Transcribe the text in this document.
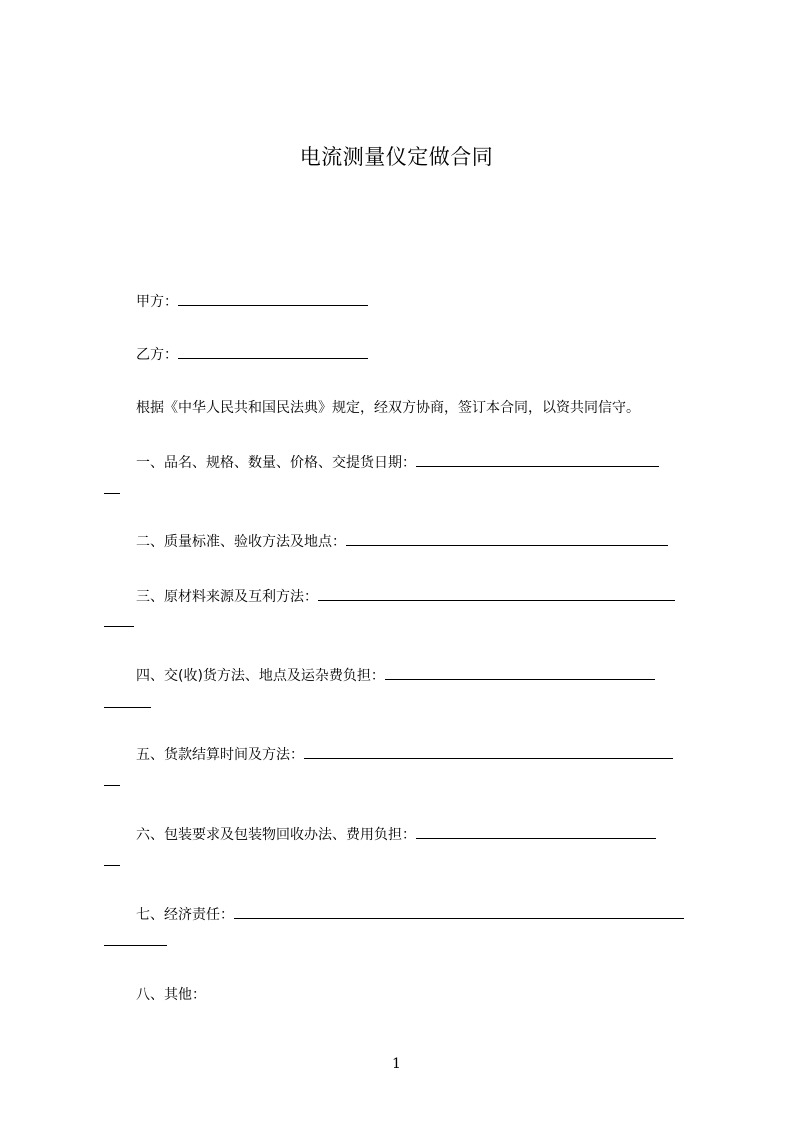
电流测量仪定做合同
甲方：
乙方：
根据《中华人民共和国民法典》规定，经双方协商，签订本合同，以资共同信守。
一、品名、规格、数量、价格、交提货日期：
二、质量标准、验收方法及地点：
三、原材料来源及互利方法：
四、交(收)货方法、地点及运杂费负担：
五、货款结算时间及方法：
六、包装要求及包装物回收办法、费用负担：
七、经济责任：
八、其他：
1
